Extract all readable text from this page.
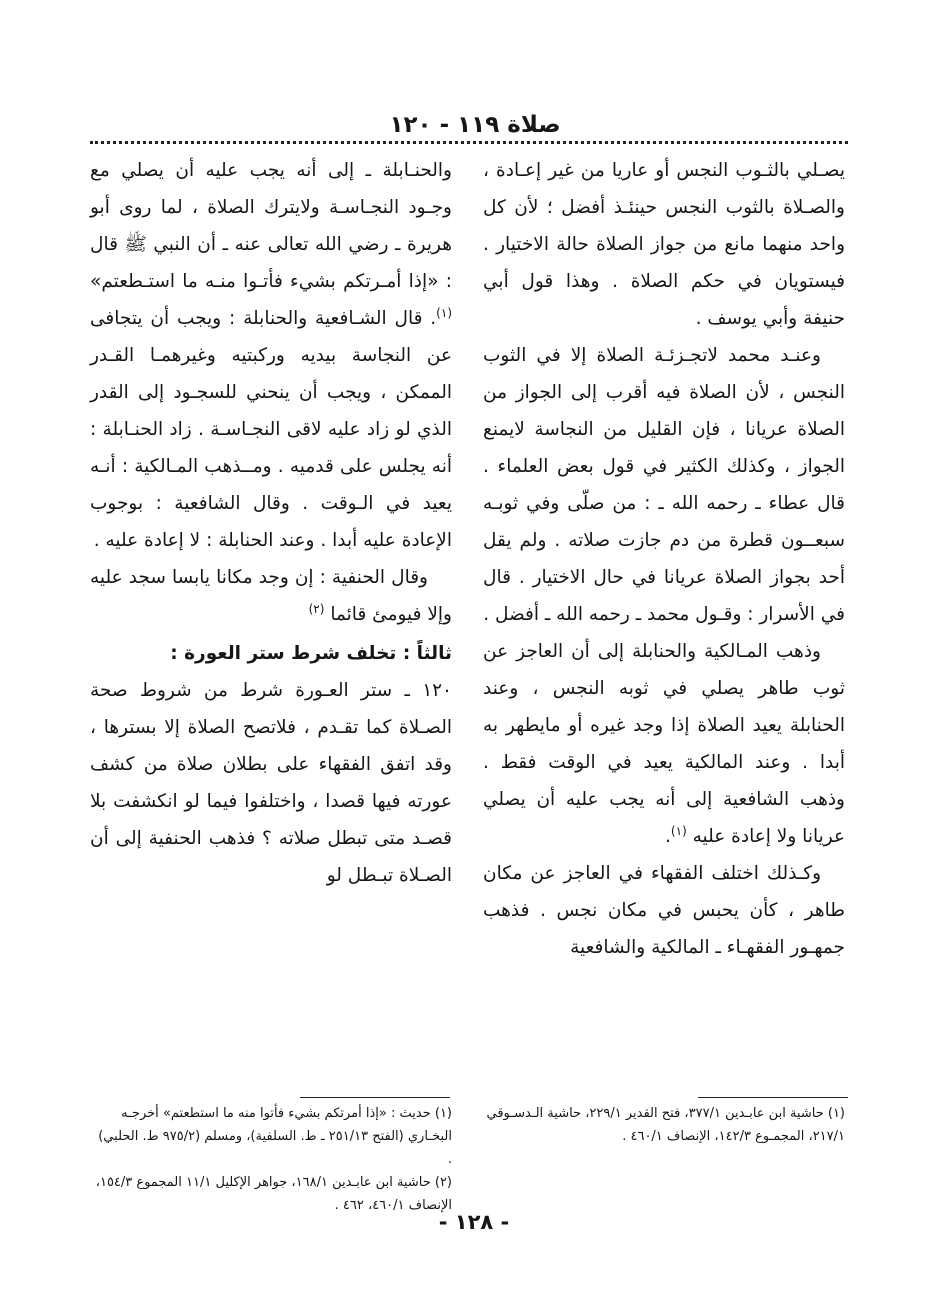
صلاة ١١٩ - ١٢٠

يصـلي بالثـوب النجس أو عاريا من غير إعـادة ، والصـلاة بالثوب النجس حينئـذ أفضل ؛ لأن كل واحد منهما مانع من جواز الصلاة حالة الاختيار . فيستويان في حكم الصلاة . وهذا قول أبي حنيفة وأبي يوسف .

وعنـد محمد لاتجـزئـة الصلاة إلا في الثوب النجس ، لأن الصلاة فيه أقرب إلى الجواز من الصلاة عريانا ، فإن القليل من النجاسة لايمنع الجواز ، وكذلك الكثير في قول بعض العلماء . قال عطاء ـ رحمه الله ـ : من صلّى وفي ثوبـه سبعــون قطرة من دم جازت صلاته . ولم يقل أحد بجواز الصلاة عريانا في حال الاختيار . قال في الأسرار : وقـول محمد ـ رحمه الله ـ أفضل .

وذهب المـالكية والحنابلة إلى أن العاجز عن ثوب طاهر يصلي في ثوبه النجس ، وعند الحنابلة يعيد الصلاة إذا وجد غيره أو مايطهر به أبدا . وعند المالكية يعيد في الوقت فقط . وذهب الشافعية إلى أنه يجب عليه أن يصلي عريانا ولا إعادة عليه $^{(١)}$.

وكـذلك اختلف الفقهاء في العاجز عن مكان طاهر ، كأن يحبس في مكان نجس . فذهب جمهـور الفقهـاء ـ المالكية والشافعية

والحنـابلة ـ إلى أنه يجب عليه أن يصلي مع وجـود النجـاسـة ولايترك الصلاة ، لما روى أبو هريرة ـ رضي الله تعالى عنه ـ أن النبي ﷺ قال : «إذا أمـرتكم بشيء فأتـوا منـه ما استـطعتم» $^{(١)}$. قال الشـافعية والحنابلة : ويجب أن يتجافى عن النجاسة بيديه وركبتيه وغيرهمـا القـدر الممكن ، ويجب أن ينحني للسجـود إلى القدر الذي لو زاد عليه لاقى النجـاسـة . زاد الحنـابلة : أنه يجلس على قدميه . ومــذهب المـالكية : أنـه يعيد في الـوقت . وقال الشافعية : بوجوب الإعادة عليه أبدا . وعند الحنابلة : لا إعادة عليه .

وقال الحنفية : إن وجد مكانا يابسا سجد عليه وإلا فيومئ قائما $^{(٢)}$

ثالثاً : تخلف شرط ستر العورة :

١٢٠ ـ ستر العـورة شرط من شروط صحة الصـلاة كما تقـدم ، فلاتصح الصلاة إلا بسترها ، وقد اتفق الفقهاء على بطلان صلاة من كشف عورته فيها قصدا ، واختلفوا فيما لو انكشفت بلا قصـد متى تبطل صلاته ؟ فذهب الحنفية إلى أن الصـلاة تبـطل لو

(١) حاشية ابن عابـدين ٣٧٧/١، فتح القدير ٢٢٩/١، حاشية الـدسـوقي ٢١٧/١، المجمـوع ١٤٢/٣، الإنصاف ٤٦٠/١ .

(١) حديث : «إذا أمرتكم بشيء فأتوا منه ما استطعتم» أخرجـه البخـاري (الفتح ٢٥١/١٣ ـ ط. السلفية)، ومسلم (٩٧٥/٢ ط. الحلبي) .

(٢) حاشية ابن عابـدين ١٦٨/١، جواهر الإكليل ١١/١ المجموع ١٥٤/٣، الإنصاف ٤٦٠/١، ٤٦٢ .

- ١٢٨ -
